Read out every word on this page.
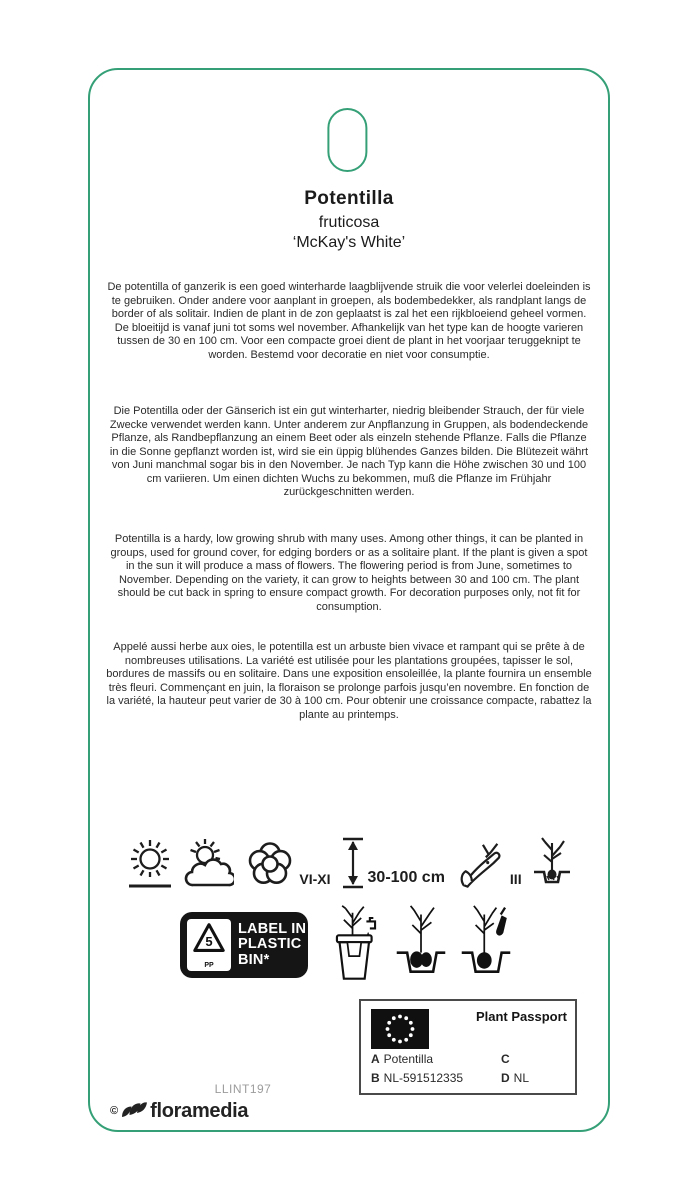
Potentilla
fruticosa
‘McKay's White’

De potentilla of ganzerik is een goed winterharde laagblijvende struik die voor velerlei doeleinden is te gebruiken. Onder andere voor aanplant in groepen, als bodembedekker, als randplant langs de border of als solitair. Indien de plant in de zon geplaatst is zal het een rijkbloeiend geheel vormen. De bloeitijd is vanaf juni tot soms wel november. Afhankelijk van het type kan de hoogte varieren tussen de 30 en 100 cm. Voor een compacte groei dient de plant in het voorjaar teruggeknipt te worden. Bestemd voor decoratie en niet voor consumptie.

Die Potentilla oder der Gänserich ist ein gut winterharter, niedrig bleibender Strauch, der für viele Zwecke verwendet werden kann. Unter anderem zur Anpflanzung in Gruppen, als bodendeckende Pflanze, als Randbepflanzung an einem Beet oder als einzeln stehende Pflanze. Falls die Pflanze in die Sonne gepflanzt worden ist, wird sie ein üppig blühendes Ganzes bilden. Die Blütezeit währt von Juni manchmal sogar bis in den November. Je nach Typ kann die Höhe zwischen 30 und 100 cm variieren. Um einen dichten Wuchs zu bekommen, muß die Pflanze im Frühjahr zurückgeschnitten werden.

Potentilla is a hardy, low growing shrub with many uses. Among other things, it can be planted in groups, used for ground cover, for edging borders or as a solitaire plant. If the plant is given a spot in the sun it will produce a mass of flowers. The flowering period is from June, sometimes to November. Depending on the variety, it can grow to heights between 30 and 100 cm. The plant should be cut back in spring to ensure compact growth. For decoration purposes only, not fit for consumption.

Appelé aussi herbe aux oies, le potentilla est un arbuste bien vivace et rampant qui se prête à de nombreuses utilisations. La variété est utilisée pour les plantations groupées, tapisser le sol, bordures de massifs ou en solitaire. Dans une exposition ensoleillée, la plante fournira un ensemble très fleuri. Commençant en juin, la floraison se prolonge parfois jusqu’en novembre. En fonction de la variété, la hauteur peut varier de 30 à 100 cm. Pour obtenir une croissance compacte, rabattez la plante au printemps.

VI-XI 30-100 cm	III
5
PP
LABEL IN
PLASTIC
BIN*
Plant Passport
A Potentilla	C
B NL-591512335	D NL
LLINT197
© floramedia
